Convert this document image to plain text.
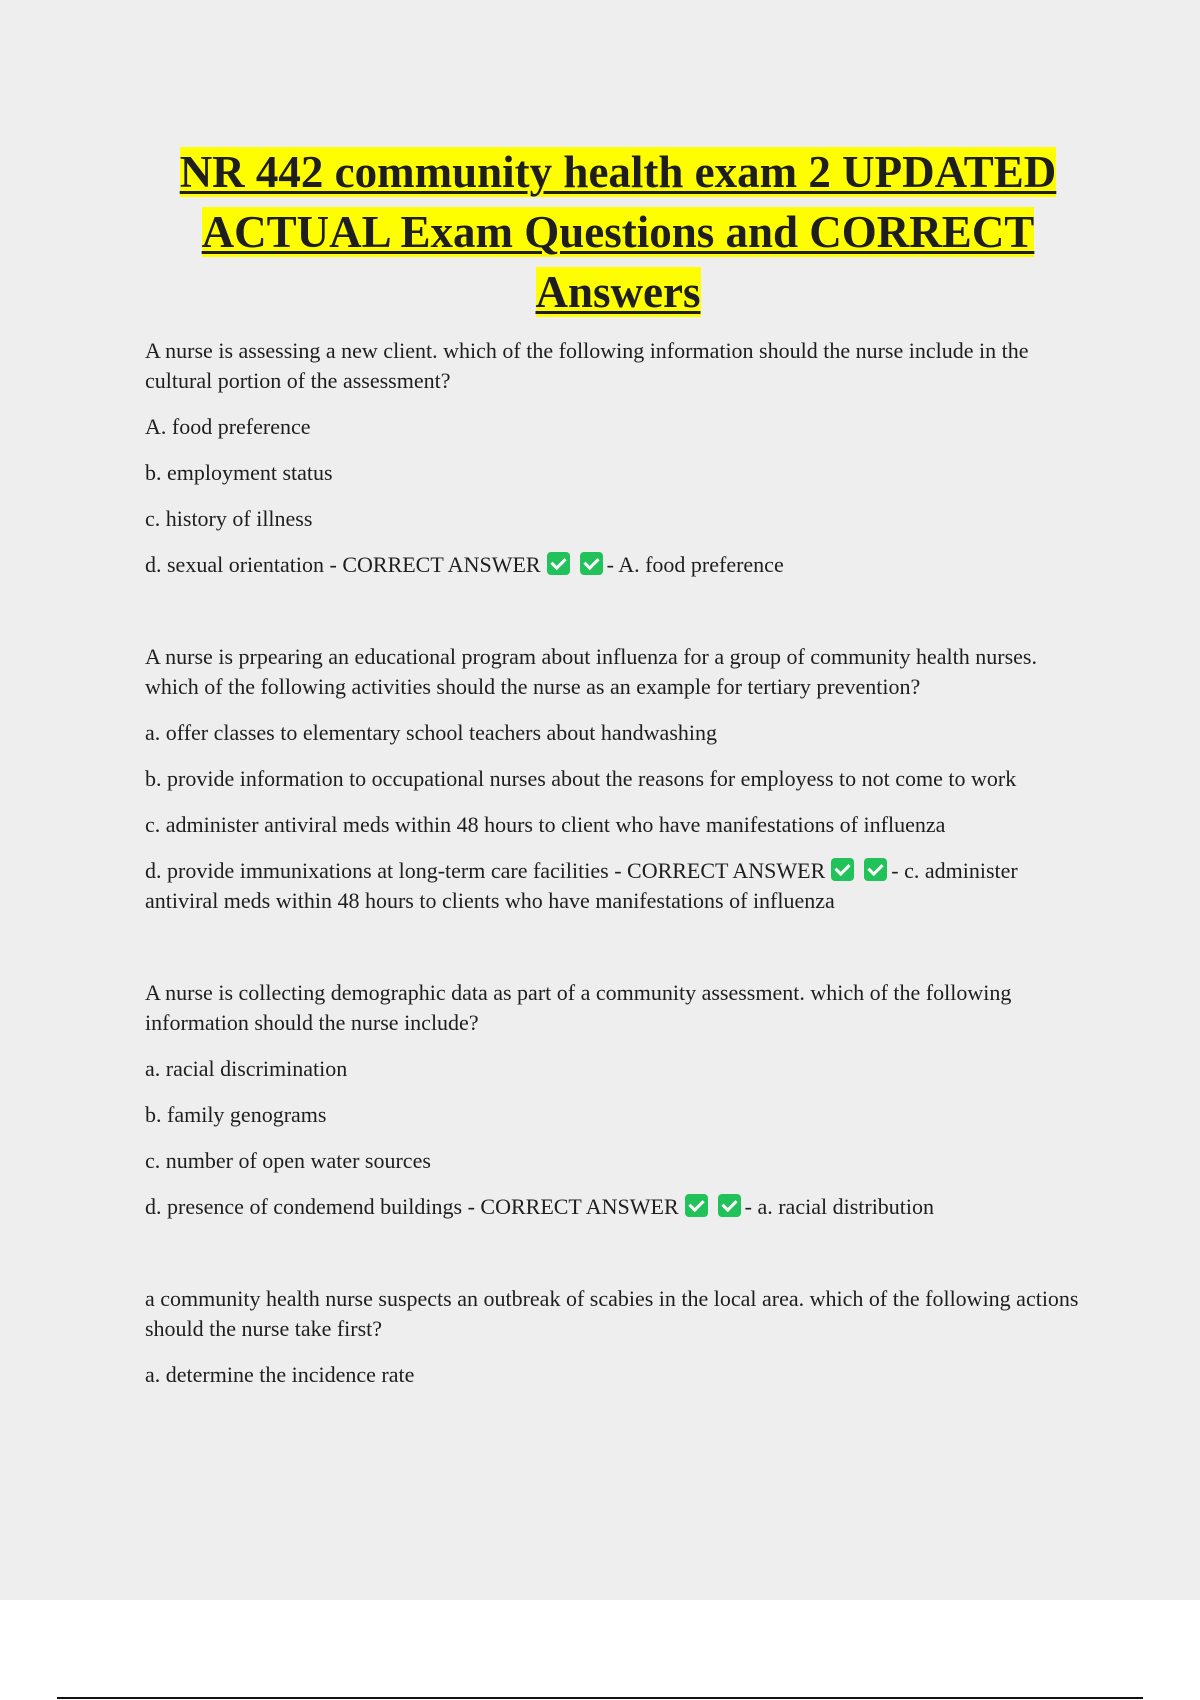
NR 442 community health exam 2 UPDATED
ACTUAL Exam Questions and CORRECT
Answers

A nurse is assessing a new client. which of the following information should the nurse include in the cultural portion of the assessment?

A. food preference

b. employment status

c. history of illness

d. sexual orientation - CORRECT ANSWER	- A. food preference

A nurse is prpearing an educational program about influenza for a group of community health nurses. which of the following activities should the nurse as an example for tertiary prevention?

a. offer classes to elementary school teachers about handwashing

b. provide information to occupational nurses about the reasons for employess to not come to work

c. administer antiviral meds within 48 hours to client who have manifestations of influenza

d. provide immunixations at long-term care facilities - CORRECT ANSWER	- c. administer antiviral meds within 48 hours to clients who have manifestations of influenza

A nurse is collecting demographic data as part of a community assessment. which of the following information should the nurse include?

a. racial discrimination

b. family genograms

c. number of open water sources

d. presence of condemend buildings - CORRECT ANSWER	- a. racial distribution

a community health nurse suspects an outbreak of scabies in the local area. which of the following actions should the nurse take first?

a. determine the incidence rate
